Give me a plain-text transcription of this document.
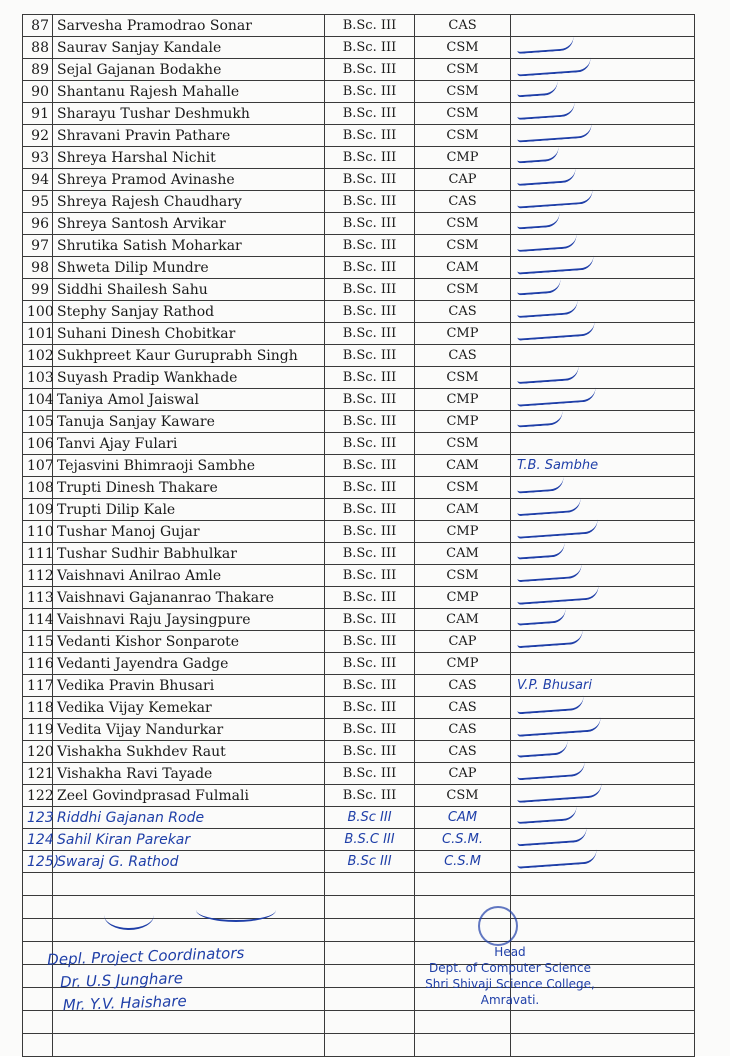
87	Sarvesha Pramodrao Sonar	B.Sc. III	CAS	
88	Saurav Sanjay Kandale	B.Sc. III	CSM	
89	Sejal Gajanan Bodakhe	B.Sc. III	CSM	
90	Shantanu Rajesh Mahalle	B.Sc. III	CSM	
91	Sharayu Tushar Deshmukh	B.Sc. III	CSM	
92	Shravani Pravin Pathare	B.Sc. III	CSM	
93	Shreya Harshal Nichit	B.Sc. III	CMP	
94	Shreya Pramod Avinashe	B.Sc. III	CAP	
95	Shreya Rajesh Chaudhary	B.Sc. III	CAS	
96	Shreya Santosh Arvikar	B.Sc. III	CSM	
97	Shrutika Satish Moharkar	B.Sc. III	CSM	
98	Shweta Dilip Mundre	B.Sc. III	CAM	
99	Siddhi Shailesh Sahu	B.Sc. III	CSM	
100	Stephy Sanjay Rathod	B.Sc. III	CAS	
101	Suhani Dinesh Chobitkar	B.Sc. III	CMP	
102	Sukhpreet Kaur Guruprabh Singh	B.Sc. III	CAS	
103	Suyash Pradip Wankhade	B.Sc. III	CSM	
104	Taniya Amol Jaiswal	B.Sc. III	CMP	
105	Tanuja Sanjay Kaware	B.Sc. III	CMP	
106	Tanvi Ajay Fulari	B.Sc. III	CSM	
107	Tejasvini Bhimraoji Sambhe	B.Sc. III	CAM	T.B. Sambhe
108	Trupti Dinesh Thakare	B.Sc. III	CSM	
109	Trupti Dilip Kale	B.Sc. III	CAM	
110	Tushar Manoj Gujar	B.Sc. III	CMP	
111	Tushar Sudhir Babhulkar	B.Sc. III	CAM	
112	Vaishnavi Anilrao Amle	B.Sc. III	CSM	
113	Vaishnavi Gajananrao Thakare	B.Sc. III	CMP	
114	Vaishnavi Raju Jaysingpure	B.Sc. III	CAM	
115	Vedanti Kishor Sonparote	B.Sc. III	CAP	
116	Vedanti Jayendra Gadge	B.Sc. III	CMP	
117	Vedika Pravin Bhusari	B.Sc. III	CAS	V.P. Bhusari
118	Vedika Vijay Kemekar	B.Sc. III	CAS	
119	Vedita Vijay Nandurkar	B.Sc. III	CAS	
120	Vishakha Sukhdev Raut	B.Sc. III	CAS	
121	Vishakha Ravi Tayade	B.Sc. III	CAP	
122	Zeel Govindprasad Fulmali	B.Sc. III	CSM	
123	Riddhi Gajanan Rode	B.Sc III	CAM	
124	Sahil Kiran Parekar	B.S.C III	C.S.M.	
125)	Swaraj G. Rathod	B.Sc III	C.S.M	

Depl. Project Coordinators
Dr. U.S Junghare
Mr. Y.V. Haishare
Head
Dept. of Computer Science
Shri Shivaji Science College,
Amravati.
